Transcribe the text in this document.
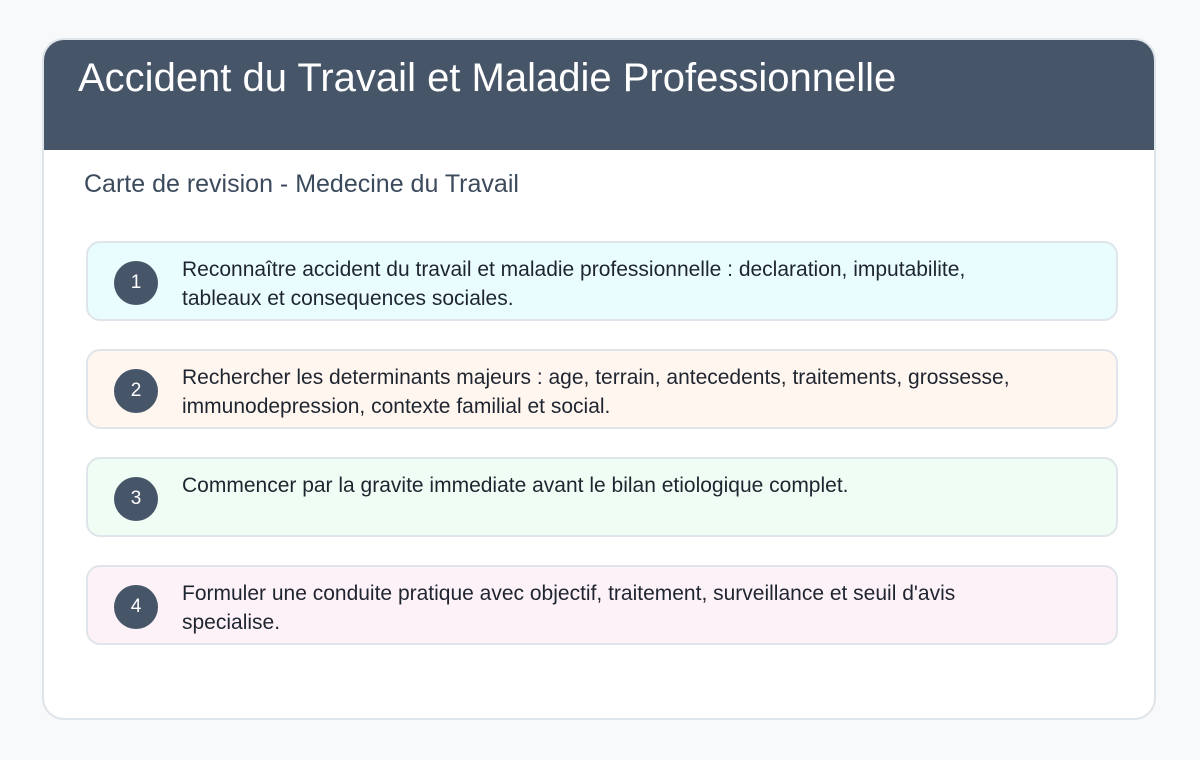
Accident du Travail et Maladie Professionnelle
Carte de revision - Medecine du Travail
1
Reconnaître accident du travail et maladie professionnelle : declaration, imputabilite, tableaux et consequences sociales.
2
Rechercher les determinants majeurs : age, terrain, antecedents, traitements, grossesse, immunodepression, contexte familial et social.
3
Commencer par la gravite immediate avant le bilan etiologique complet.
4
Formuler une conduite pratique avec objectif, traitement, surveillance et seuil d'avis specialise.
